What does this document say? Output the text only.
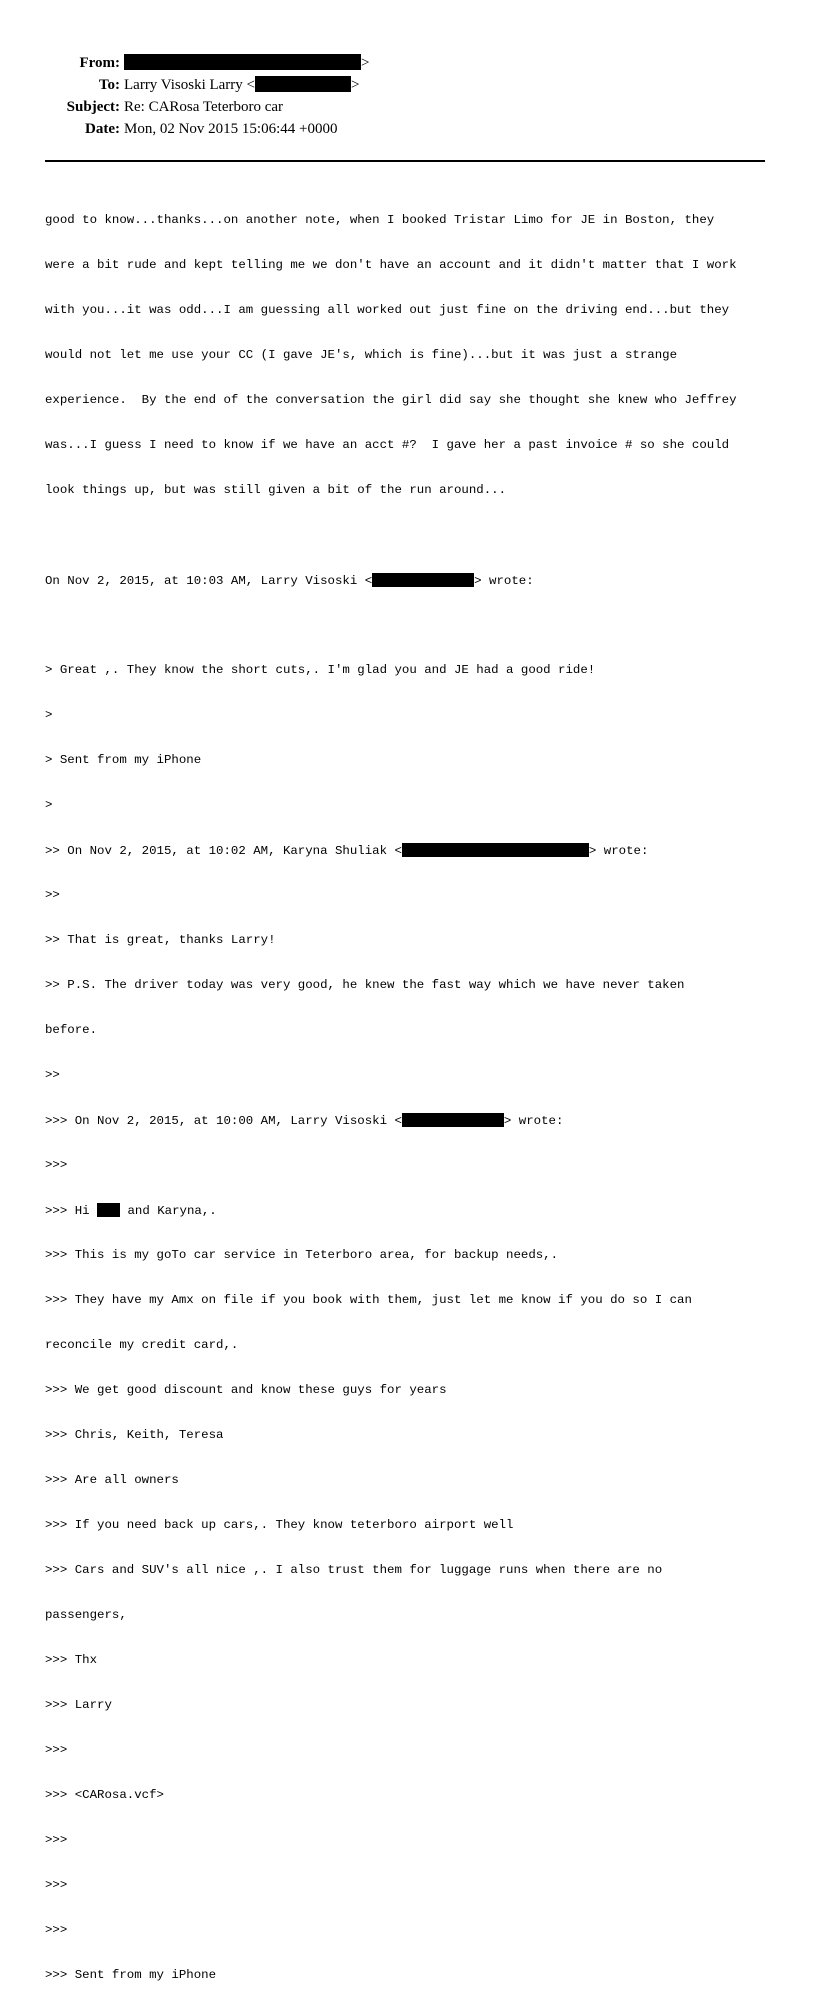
From:	>
To: Larry Visoski Larry <	>
Subject: Re: CARosa Teterboro car
Date: Mon, 02 Nov 2015 15:06:44 +0000

good to know...thanks...on another note, when I booked Tristar Limo for JE in Boston, they

were a bit rude and kept telling me we don't have an account and it didn't matter that I work

with you...it was odd...I am guessing all worked out just fine on the driving end...but they

would not let me use your CC (I gave JE's, which is fine)...but it was just a strange

experience.  By the end of the conversation the girl did say she thought she knew who Jeffrey

was...I guess I need to know if we have an acct #?  I gave her a past invoice # so she could

look things up, but was still given a bit of the run around...

On Nov 2, 2015, at 10:03 AM, Larry Visoski <	> wrote:

> Great ,. They know the short cuts,. I'm glad you and JE had a good ride!

>

> Sent from my iPhone

>

>> On Nov 2, 2015, at 10:02 AM, Karyna Shuliak <	> wrote:

>>

>> That is great, thanks Larry!

>> P.S. The driver today was very good, he knew the fast way which we have never taken

before.

>>

>>> On Nov 2, 2015, at 10:00 AM, Larry Visoski <	> wrote:

>>>

>>> Hi  and Karyna,.

>>> This is my goTo car service in Teterboro area, for backup needs,.

>>> They have my Amx on file if you book with them, just let me know if you do so I can

reconcile my credit card,.

>>> We get good discount and know these guys for years

>>> Chris, Keith, Teresa

>>> Are all owners

>>> If you need back up cars,. They know teterboro airport well

>>> Cars and SUV's all nice ,. I also trust them for luggage runs when there are no

passengers,

>>> Thx

>>> Larry

>>>

>>> <CARosa.vcf>

>>>

>>>

>>>

>>> Sent from my iPhone
